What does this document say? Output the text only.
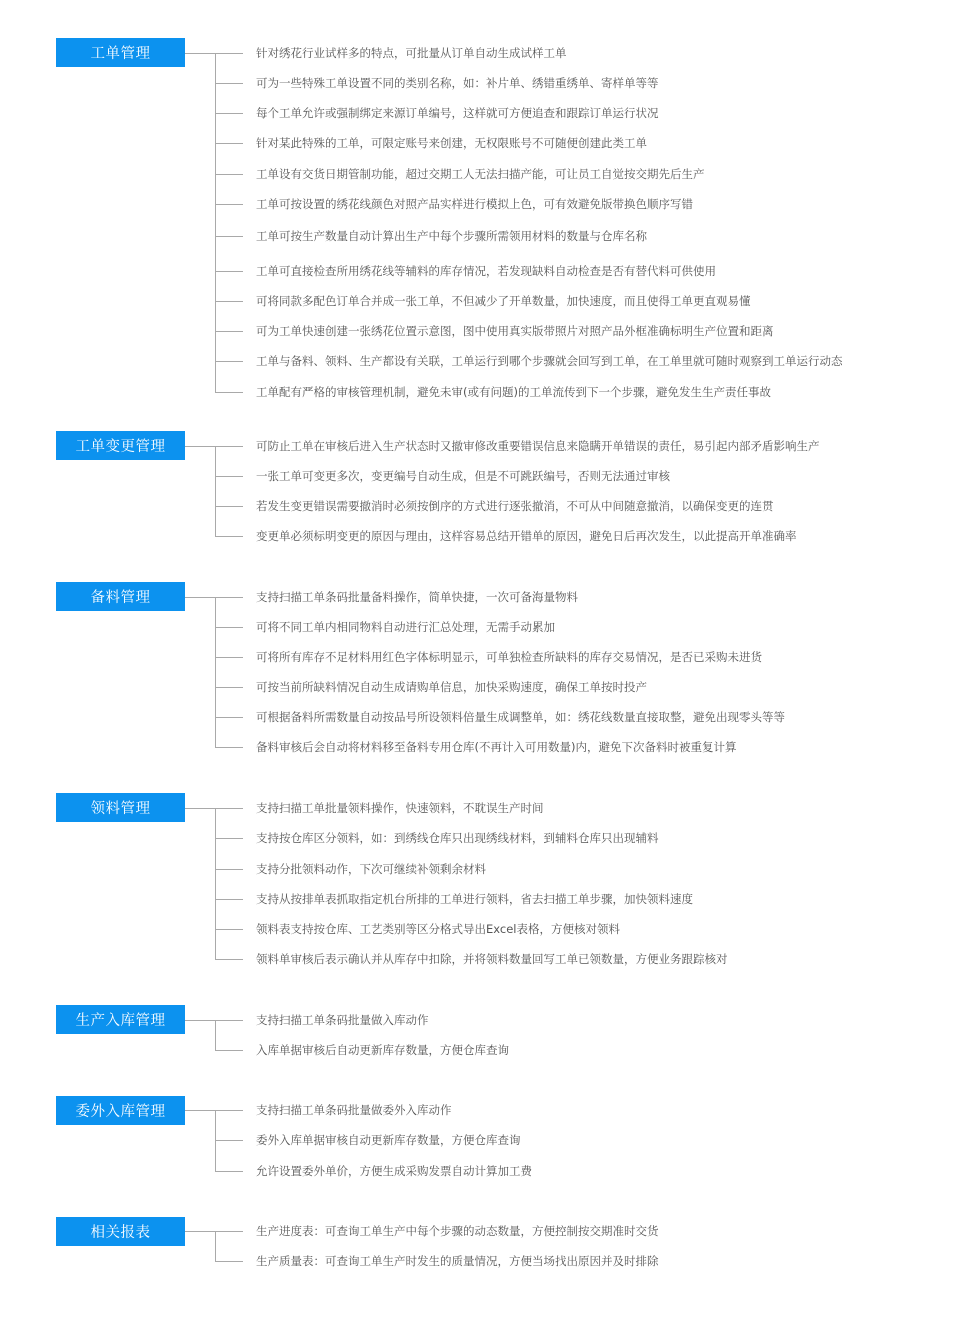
工单管理	针对绣花行业试样多的特点，可批量从订单自动生成试样工单
可为一些特殊工单设置不同的类别名称，如：补片单、绣错重绣单、寄样单等等
每个工单允许或强制绑定来源订单编号，这样就可方便追查和跟踪订单运行状况
针对某此特殊的工单，可限定账号来创建，无权限账号不可随便创建此类工单
工单设有交货日期管制功能，超过交期工人无法扫描产能，可让员工自觉按交期先后生产
工单可按设置的绣花线颜色对照产品实样进行模拟上色，可有效避免版带换色顺序写错
工单可按生产数量自动计算出生产中每个步骤所需领用材料的数量与仓库名称
工单可直接检查所用绣花线等辅料的库存情况，若发现缺料自动检查是否有替代料可供使用
可将同款多配色订单合并成一张工单，不但减少了开单数量，加快速度，而且使得工单更直观易懂
可为工单快速创建一张绣花位置示意图，图中使用真实版带照片对照产品外框准确标明生产位置和距离
工单与备料、领料、生产都设有关联，工单运行到哪个步骤就会回写到工单，在工单里就可随时观察到工单运行动态
工单配有严格的审核管理机制，避免未审(或有问题)的工单流传到下一个步骤，避免发生生产责任事故
工单变更管理	可防止工单在审核后进入生产状态时又撤审修改重要错误信息来隐瞒开单错误的责任，易引起内部矛盾影响生产
一张工单可变更多次，变更编号自动生成，但是不可跳跃编号，否则无法通过审核
若发生变更错误需要撤消时必须按倒序的方式进行逐张撤消，不可从中间随意撤消，以确保变更的连贯
变更单必须标明变更的原因与理由，这样容易总结开错单的原因，避免日后再次发生，以此提高开单准确率
备料管理	支持扫描工单条码批量备料操作，简单快捷，一次可备海量物料
可将不同工单内相同物料自动进行汇总处理，无需手动累加
可将所有库存不足材料用红色字体标明显示，可单独检查所缺料的库存交易情况，是否已采购未进货
可按当前所缺料情况自动生成请购单信息，加快采购速度，确保工单按时投产
可根据备料所需数量自动按品号所设领料倍量生成调整单，如：绣花线数量直接取整，避免出现零头等等
备料审核后会自动将材料移至备料专用仓库(不再计入可用数量)内，避免下次备料时被重复计算
领料管理	支持扫描工单批量领料操作，快速领料，不耽误生产时间
支持按仓库区分领料，如：到绣线仓库只出现绣线材料，到辅料仓库只出现辅料
支持分批领料动作，下次可继续补领剩余材料
支持从按排单表抓取指定机台所排的工单进行领料，省去扫描工单步骤，加快领料速度
领料表支持按仓库、工艺类别等区分格式导出Excel表格，方便核对领料
领料单审核后表示确认并从库存中扣除，并将领料数量回写工单已领数量，方便业务跟踪核对
生产入库管理	支持扫描工单条码批量做入库动作
入库单据审核后自动更新库存数量，方便仓库查询
委外入库管理	支持扫描工单条码批量做委外入库动作
委外入库单据审核自动更新库存数量，方便仓库查询
允许设置委外单价，方便生成采购发票自动计算加工费
相关报表	生产进度表：可查询工单生产中每个步骤的动态数量，方便控制按交期准时交货
生产质量表：可查询工单生产时发生的质量情况，方便当场找出原因并及时排除
